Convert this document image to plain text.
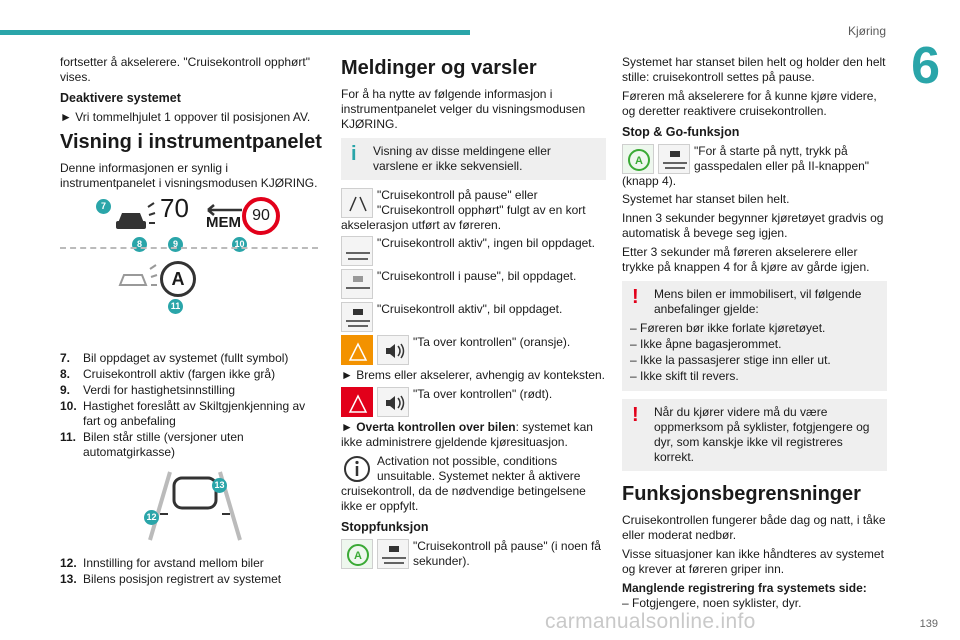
Kjøring
6

fortsetter å akselerere. "Cruisekontroll opphørt" vises.

Deaktivere systemet

► Vri tommelhjulet 1 oppover til posisjonen AV.

Visning i instrumentpanelet

Denne informasjonen er synlig i instrumentpanelet i visningsmodusen KJØRING.

7 70 MEM 90
8	9	10
A
11
7.	Bil oppdaget av systemet (fullt symbol)
8.	Cruisekontroll aktiv (fargen ikke grå)
9.	Verdi for hastighetsinnstilling
10. Hastighet foreslått av Skiltgjenkjenning av fart og anbefaling
11. Bilen står stille (versjoner uten automatgirkasse)
13
12
12. Innstilling for avstand mellom biler
13. Bilens posisjon registrert av systemet
Meldinger og varsler

For å ha nytte av følgende informasjon i instrumentpanelet velger du visningsmodusen KJØRING.

i Visning av disse meldingene eller varslene er ikke sekvensiell.
"Cruisekontroll på pause" eller "Cruisekontroll opphørt" fulgt av en kort akselerasjon utført av føreren.
"Cruisekontroll aktiv", ingen bil oppdaget.
"Cruisekontroll i pause", bil oppdaget.
"Cruisekontroll aktiv", bil oppdaget.
"Ta over kontrollen" (oransje).

► Brems eller akselerer, avhengig av konteksten.

"Ta over kontrollen" (rødt).

► Overta kontrollen over bilen: systemet kan ikke administrere gjeldende kjøresituasjon.

Activation not possible, conditions unsuitable. Systemet nekter å aktivere cruisekontroll, da de nødvendige betingelsene ikke er oppfylt.

Stoppfunksjon

A
"Cruisekontroll på pause" (i noen få sekunder).

Systemet har stanset bilen helt og holder den helt stille: cruisekontroll settes på pause.

Føreren må akselerere for å kunne kjøre videre, og deretter reaktivere cruisekontrollen.

Stop & Go-funksjon

A
"For å starte på nytt, trykk på gasspedalen eller på II-knappen" (knapp 4).

Systemet har stanset bilen helt.

Innen 3 sekunder begynner kjøretøyet gradvis og automatisk å bevege seg igjen.

Etter 3 sekunder må føreren akselerere eller trykke på knappen 4 for å kjøre av gårde igjen.

! Mens bilen er immobilisert, vil følgende anbefalinger gjelde:

– Føreren bør ikke forlate kjøretøyet.
– Ikke åpne bagasjerommet.
– Ikke la passasjerer stige inn eller ut.
– Ikke skift til revers.
! Når du kjører videre må du være oppmerksom på syklister, fotgjengere og dyr, som kanskje ikke vil registreres korrekt.
Funksjonsbegrensninger

Cruisekontrollen fungerer både dag og natt, i tåke eller moderat nedbør.

Visse situasjoner kan ikke håndteres av systemet og krever at føreren griper inn.

Manglende registrering fra systemets side:

– Fotgjengere, noen syklister, dyr.

carmanualsonline.info	139
